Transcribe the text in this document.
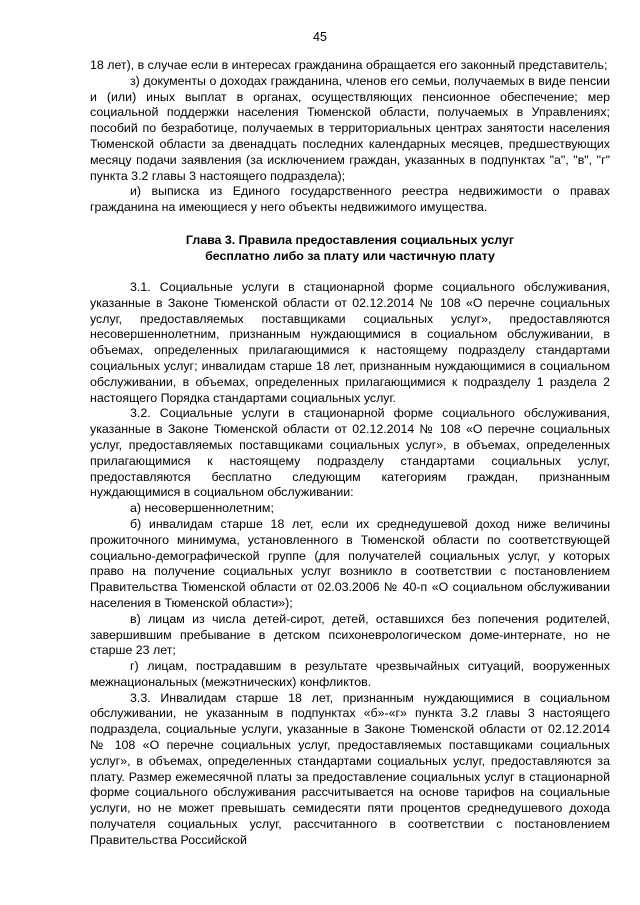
45

18 лет), в случае если в интересах гражданина обращается его законный представитель;

з) документы о доходах гражданина, членов его семьи, получаемых в виде пенсии и (или) иных выплат в органах, осуществляющих пенсионное обеспечение; мер социальной поддержки населения Тюменской области, получаемых в Управлениях; пособий по безработице, получаемых в территориальных центрах занятости населения Тюменской области за двенадцать последних календарных месяцев, предшествующих месяцу подачи заявления (за исключением граждан, указанных в подпунктах "а", "в", "г" пункта 3.2 главы 3 настоящего подраздела);

и) выписка из Единого государственного реестра недвижимости о правах гражданина на имеющиеся у него объекты недвижимого имущества.

Глава 3. Правила предоставления социальных услуг
бесплатно либо за плату или частичную плату

3.1. Социальные услуги в стационарной форме социального обслуживания, указанные в Законе Тюменской области от 02.12.2014 № 108 «О перечне социальных услуг, предоставляемых поставщиками социальных услуг», предоставляются несовершеннолетним, признанным нуждающимися в социальном обслуживании, в объемах, определенных прилагающимися к настоящему подразделу стандартами социальных услуг; инвалидам старше 18 лет, признанным нуждающимися в социальном обслуживании, в объемах, определенных прилагающимися к подразделу 1 раздела 2 настоящего Порядка стандартами социальных услуг.

3.2. Социальные услуги в стационарной форме социального обслуживания, указанные в Законе Тюменской области от 02.12.2014 № 108 «О перечне социальных услуг, предоставляемых поставщиками социальных услуг», в объемах, определенных прилагающимися к настоящему подразделу стандартами социальных услуг, предоставляются бесплатно следующим категориям граждан, признанным нуждающимися в социальном обслуживании:

а) несовершеннолетним;

б) инвалидам старше 18 лет, если их среднедушевой доход ниже величины прожиточного минимума, установленного в Тюменской области по соответствующей социально-демографической группе (для получателей социальных услуг, у которых право на получение социальных услуг возникло в соответствии с постановлением Правительства Тюменской области от 02.03.2006 № 40-п «О социальном обслуживании населения в Тюменской области»);

в) лицам из числа детей-сирот, детей, оставшихся без попечения родителей, завершившим пребывание в детском психоневрологическом доме-интернате, но не старше 23 лет;

г) лицам, пострадавшим в результате чрезвычайных ситуаций, вооруженных межнациональных (межэтнических) конфликтов.

3.3. Инвалидам старше 18 лет, признанным нуждающимися в социальном обслуживании, не указанным в подпунктах «б»-«г» пункта 3.2 главы 3 настоящего подраздела, социальные услуги, указанные в Законе Тюменской области от 02.12.2014 № 108 «О перечне социальных услуг, предоставляемых поставщиками социальных услуг», в объемах, определенных стандартами социальных услуг, предоставляются за плату. Размер ежемесячной платы за предоставление социальных услуг в стационарной форме социального обслуживания рассчитывается на основе тарифов на социальные услуги, но не может превышать семидесяти пяти процентов среднедушевого дохода получателя социальных услуг, рассчитанного в соответствии с постановлением Правительства Российской
